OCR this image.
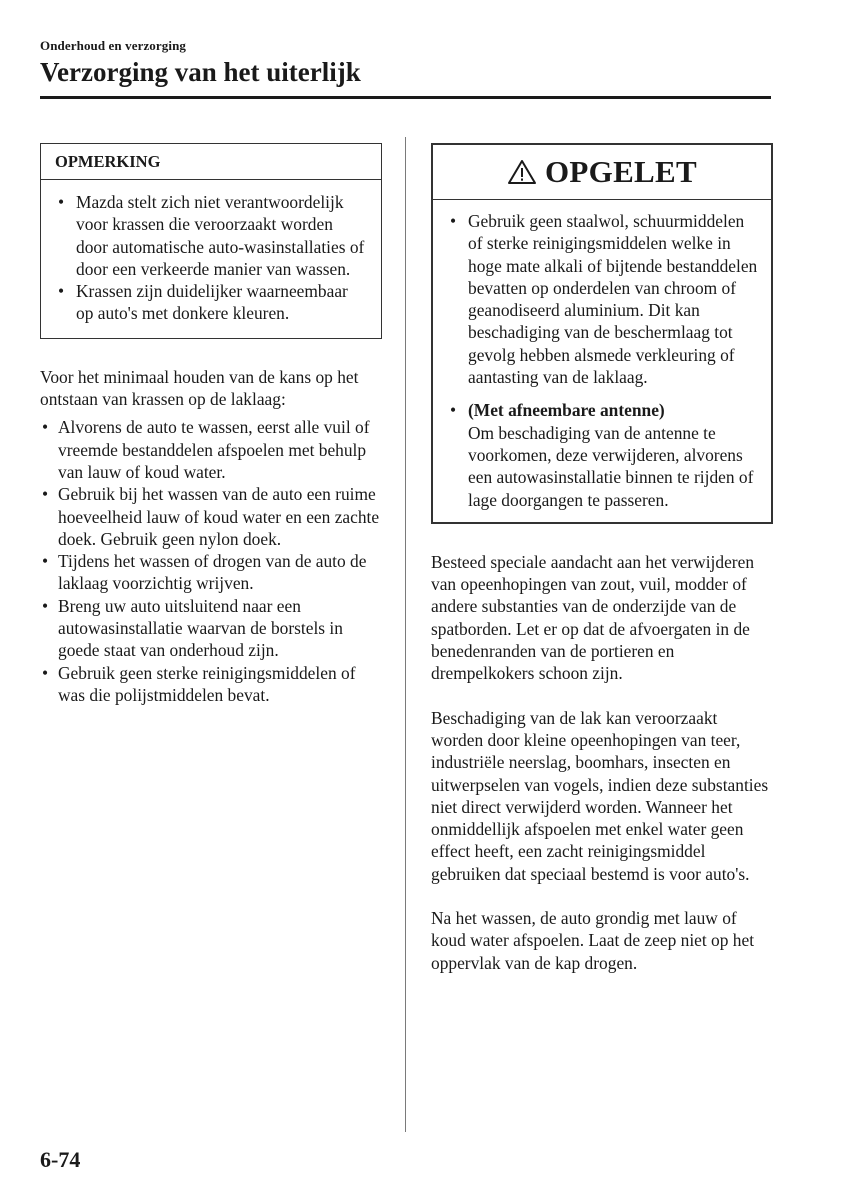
Onderhoud en verzorging
Verzorging van het uiterlijk
OPMERKING
• Mazda stelt zich niet verantwoordelijk voor krassen die veroorzaakt worden door automatische auto-wasinstallaties of door een verkeerde manier van wassen.
• Krassen zijn duidelijker waarneembaar op auto's met donkere kleuren.

Voor het minimaal houden van de kans op het ontstaan van krassen op de laklaag:

• Alvorens de auto te wassen, eerst alle vuil of vreemde bestanddelen afspoelen met behulp van lauw of koud water.
• Gebruik bij het wassen van de auto een ruime hoeveelheid lauw of koud water en een zachte doek. Gebruik geen nylon doek.
• Tijdens het wassen of drogen van de auto de laklaag voorzichtig wrijven.
• Breng uw auto uitsluitend naar een autowasinstallatie waarvan de borstels in goede staat van onderhoud zijn.
• Gebruik geen sterke reinigingsmiddelen of was die polijstmiddelen bevat.
OPGELET
• Gebruik geen staalwol, schuurmiddelen of sterke reinigingsmiddelen welke in hoge mate alkali of bijtende bestanddelen bevatten op onderdelen van chroom of geanodiseerd aluminium. Dit kan beschadiging van de beschermlaag tot gevolg hebben alsmede verkleuring of aantasting van de laklaag.
• (Met afneembare antenne)
Om beschadiging van de antenne te voorkomen, deze verwijderen, alvorens een autowasinstallatie binnen te rijden of lage doorgangen te passeren.

Besteed speciale aandacht aan het verwijderen van opeenhopingen van zout, vuil, modder of andere substanties van de onderzijde van de spatborden. Let er op dat de afvoergaten in de benedenranden van de portieren en drempelkokers schoon zijn.

Beschadiging van de lak kan veroorzaakt worden door kleine opeenhopingen van teer, industriële neerslag, boomhars, insecten en uitwerpselen van vogels, indien deze substanties niet direct verwijderd worden. Wanneer het onmiddellijk afspoelen met enkel water geen effect heeft, een zacht reinigingsmiddel gebruiken dat speciaal bestemd is voor auto's.

Na het wassen, de auto grondig met lauw of koud water afspoelen. Laat de zeep niet op het oppervlak van de kap drogen.

6-74
